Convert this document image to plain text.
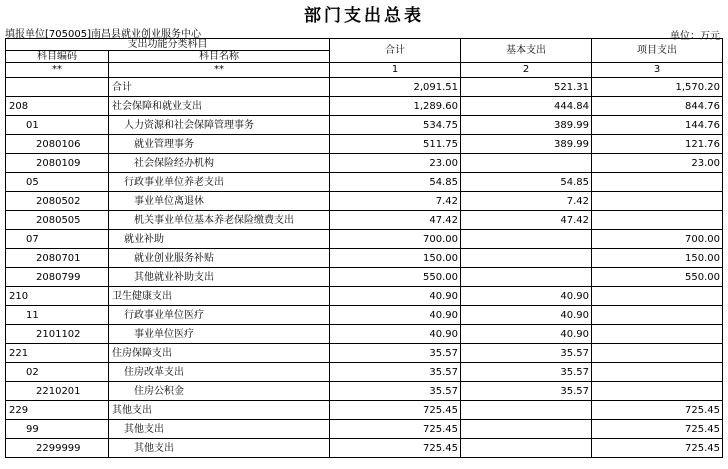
部门支出总表
填报单位[705005]南昌县就业创业服务中心	单位：万元
支出功能分类科目		合计	基本支出	项目支出
科目编码	科目名称			
**	**	1	2	3
	合计	2,091.51	521.31	1,570.20
208	社会保障和就业支出	1,289.60	444.84	844.76
01	人力资源和社会保障管理事务	534.75	389.99	144.76
2080106	就业管理事务	511.75	389.99	121.76
2080109	社会保险经办机构	23.00		23.00
05	行政事业单位养老支出	54.85	54.85	
2080502	事业单位离退休	7.42	7.42	
2080505	机关事业单位基本养老保险缴费支出	47.42	47.42	
07	就业补助	700.00		700.00
2080701	就业创业服务补贴	150.00		150.00
2080799	其他就业补助支出	550.00		550.00
210	卫生健康支出	40.90	40.90	
11	行政事业单位医疗	40.90	40.90	
2101102	事业单位医疗	40.90	40.90	
221	住房保障支出	35.57	35.57	
02	住房改革支出	35.57	35.57	
2210201	住房公积金	35.57	35.57	
229	其他支出	725.45		725.45
99	其他支出	725.45		725.45
2299999	其他支出	725.45		725.45
